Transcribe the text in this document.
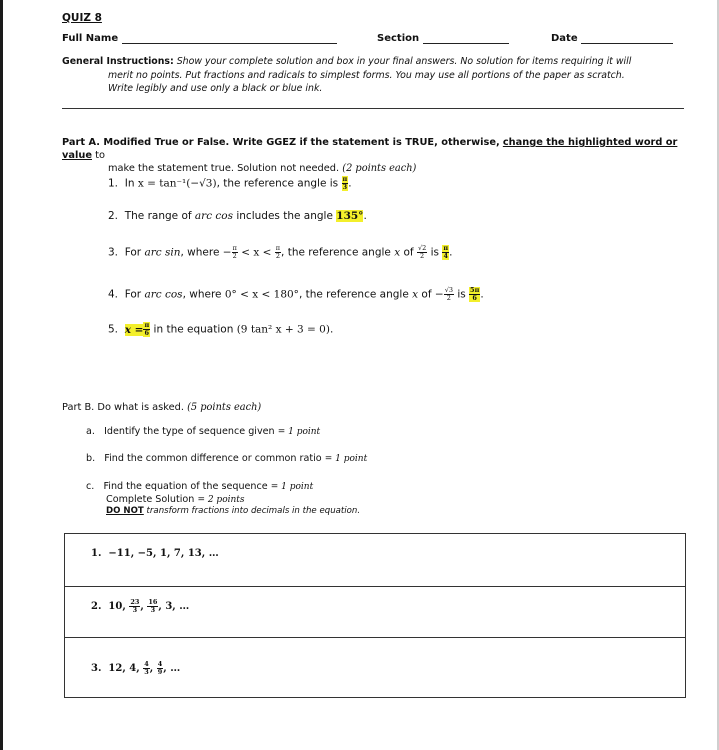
QUIZ 8
Full Name	Section	Date
General Instructions: Show your complete solution and box in your final answers. No solution for items requiring it will
merit no points. Put fractions and radicals to simplest forms. You may use all portions of the paper as scratch.
Write legibly and use only a black or blue ink.
Part A. Modified True or False. Write GGEZ if the statement is TRUE, otherwise, change the highlighted word or value to
make the statement true. Solution not needed. (2 points each)
1. In x = tan⁻¹(−√3), the reference angle is $\frac{\pi}{3}$ .
2. The range of arc cos includes the angle 135°.
3. For arc sin, where − $\frac{\pi}{2} < x < \frac{\pi}{2}$ , the reference angle x of $\frac{√2}{2}$ is $\frac{\pi}{4}$ .
4. For arc cos, where 0° < x < 180°, the reference angle x of − $\frac{√3}{2}$ is $\frac{5\pi}{6}$ .
5. $x = \frac{\pi}{6}$ in the equation (9 tan² x + 3 = 0).
Part B. Do what is asked. (5 points each)
a. Identify the type of sequence given = 1 point
b. Find the common difference or common ratio = 1 point
c. Find the equation of the sequence = 1 point
Complete Solution = 2 points
DO NOT transform fractions into decimals in the equation.
1. −11, −5, 1, 7, 13, …
2. 10, $\frac{23}{3}$ , $\frac{16}{3}$ , 3, …
3. 12, 4, $\frac{4}{3}$ , $\frac{4}{9}$ , …
